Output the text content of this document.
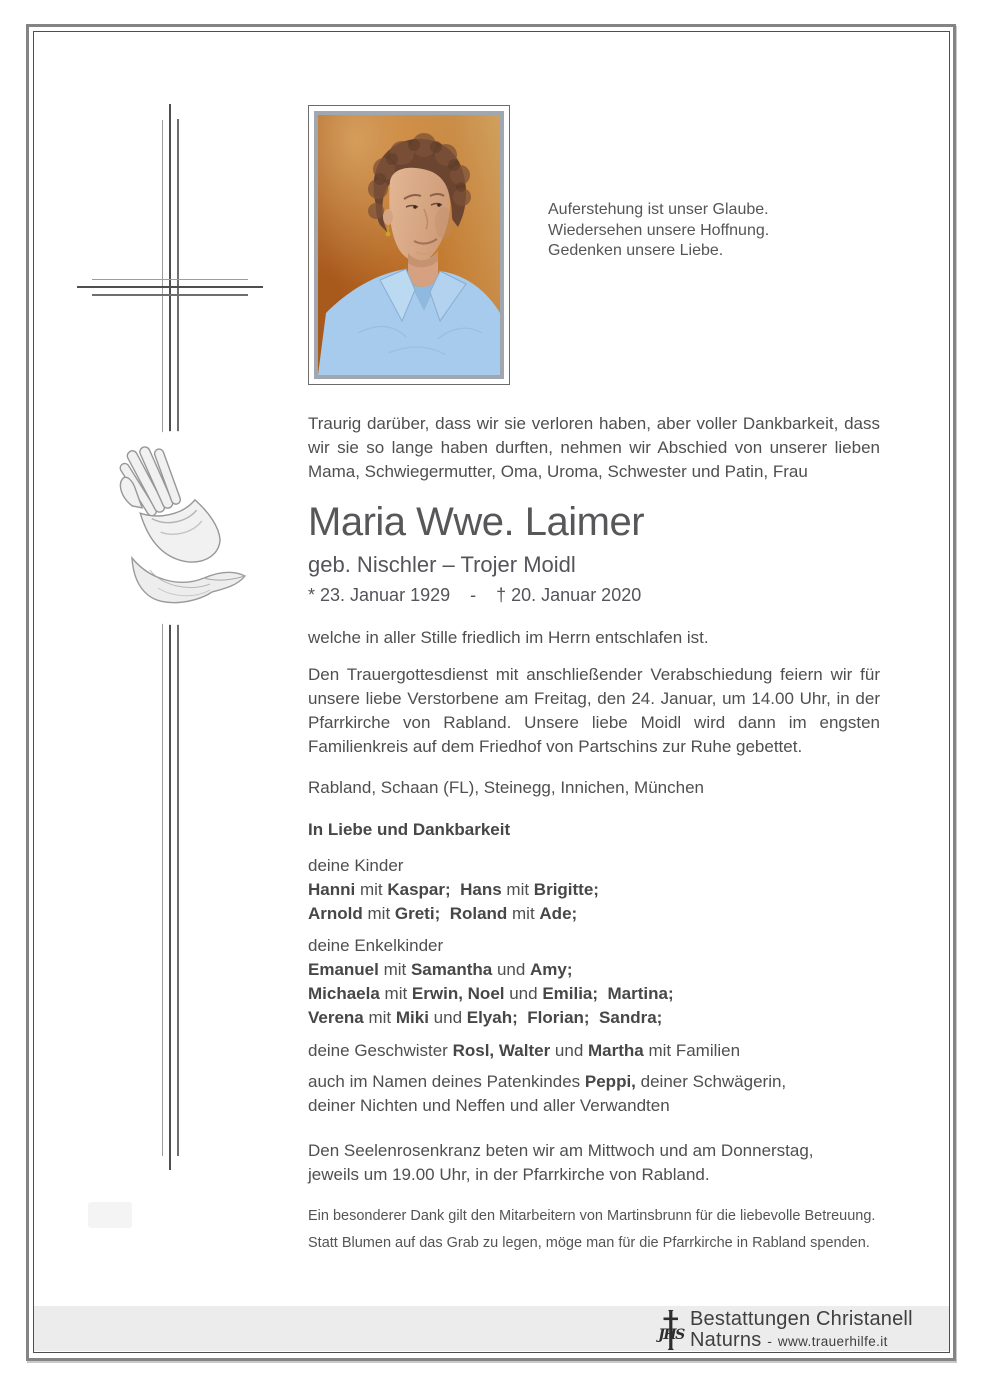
Auferstehung ist unser Glaube.
Wiedersehen unsere Hoffnung.
Gedenken unsere Liebe.

Traurig darüber, dass wir sie verloren haben, aber voller Dankbarkeit, dass wir sie so lange haben durften, nehmen wir Abschied von unserer lieben Mama, Schwiegermutter, Oma, Uroma, Schwester und Patin, Frau

Maria Wwe. Laimer
geb. Nischler – Trojer Moidl
* 23. Januar 1929    -    † 20. Januar 2020
welche in aller Stille friedlich im Herrn entschlafen ist.

Den Trauergottesdienst mit anschließender Verabschiedung feiern wir für unsere liebe Verstorbene am Freitag, den 24. Januar, um 14.00 Uhr, in der Pfarrkirche von Rabland. Unsere liebe Moidl wird dann im engsten Familienkreis auf dem Friedhof von Partschins zur Ruhe gebettet.

Rabland, Schaan (FL), Steinegg, Innichen, München
In Liebe und Dankbarkeit
deine Kinder
Hanni mit Kaspar; Hans mit Brigitte;
Arnold mit Greti; Roland mit Ade;
deine Enkelkinder
Emanuel mit Samantha und Amy;
Michaela mit Erwin, Noel und Emilia; Martina;
Verena mit Miki und Elyah; Florian; Sandra;
deine Geschwister Rosl, Walter und Martha mit Familien
auch im Namen deines Patenkindes Peppi, deiner Schwägerin,
deiner Nichten und Neffen und aller Verwandten
Den Seelenrosenkranz beten wir am Mittwoch und am Donnerstag,
jeweils um 19.00 Uhr, in der Pfarrkirche von Rabland.
Ein besonderer Dank gilt den Mitarbeitern von Martinsbrunn für die liebevolle Betreuung.
Statt Blumen auf das Grab zu legen, möge man für die Pfarrkirche in Rabland spenden.
JHS
Bestattungen Christanell
Naturns - www.trauerhilfe.it
